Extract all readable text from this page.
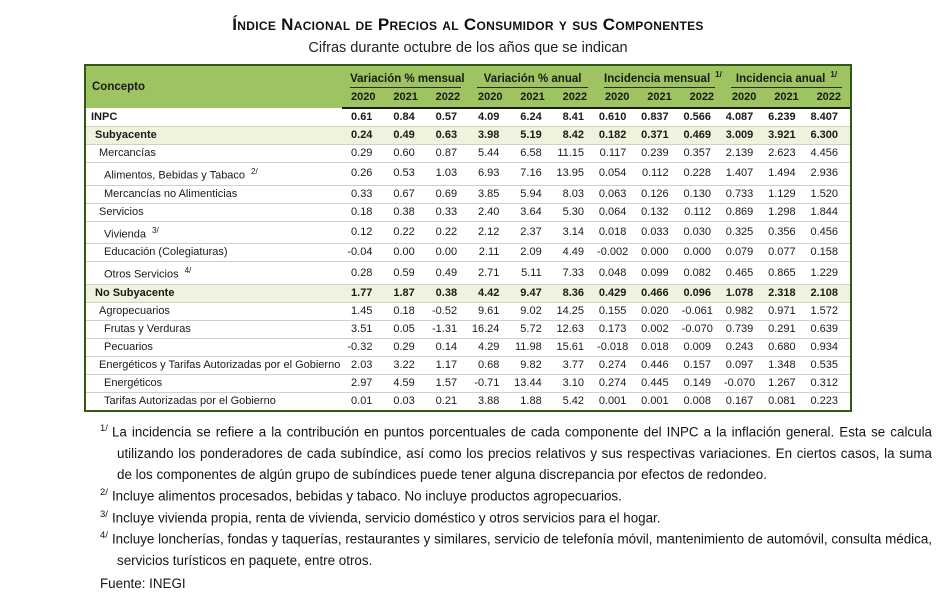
Índice Nacional de Precios al Consumidor y sus Componentes
Cifras durante octubre de los años que se indican
Concepto	Variación % mensual			Variación % anual			Incidencia mensual $^{1/}$			Incidencia anual $^{1/}$

	2020	2021	2022	2020	2021	2022	2020	2021	2022	2020	2021	2022
INPC	0.61	0.84	0.57	4.09	6.24	8.41	0.610	0.837	0.566	4.087	6.239	8.407
Subyacente	0.24	0.49	0.63	3.98	5.19	8.42	0.182	0.371	0.469	3.009	3.921	6.300
Mercancías	0.29	0.60	0.87	5.44	6.58	11.15	0.117	0.239	0.357	2.139	2.623	4.456
Alimentos, Bebidas y Tabaco $^{2/}$	0.26	0.53	1.03	6.93	7.16	13.95	0.054	0.112	0.228	1.407	1.494	2.936
Mercancías no Alimenticias	0.33	0.67	0.69	3.85	5.94	8.03	0.063	0.126	0.130	0.733	1.129	1.520
Servicios	0.18	0.38	0.33	2.40	3.64	5.30	0.064	0.132	0.112	0.869	1.298	1.844
Vivienda $^{3/}$	0.12	0.22	0.22	2.12	2.37	3.14	0.018	0.033	0.030	0.325	0.356	0.456
Educación (Colegiaturas)	-0.04	0.00	0.00	2.11	2.09	4.49	-0.002	0.000	0.000	0.079	0.077	0.158
Otros Servicios $^{4/}$	0.28	0.59	0.49	2.71	5.11	7.33	0.048	0.099	0.082	0.465	0.865	1.229
No Subyacente	1.77	1.87	0.38	4.42	9.47	8.36	0.429	0.466	0.096	1.078	2.318	2.108
Agropecuarios	1.45	0.18	-0.52	9.61	9.02	14.25	0.155	0.020	-0.061	0.982	0.971	1.572
Frutas y Verduras	3.51	0.05	-1.31	16.24	5.72	12.63	0.173	0.002	-0.070	0.739	0.291	0.639
Pecuarios	-0.32	0.29	0.14	4.29	11.98	15.61	-0.018	0.018	0.009	0.243	0.680	0.934
Energéticos y Tarifas Autorizadas por el Gobierno	2.03	3.22	1.17	0.68	9.82	3.77	0.274	0.446	0.157	0.097	1.348	0.535
Energéticos	2.97	4.59	1.57	-0.71	13.44	3.10	0.274	0.445	0.149	-0.070	1.267	0.312
Tarifas Autorizadas por el Gobierno	0.01	0.03	0.21	3.88	1.88	5.42	0.001	0.001	0.008	0.167	0.081	0.223
$^{1/}$ La incidencia se refiere a la contribución en puntos porcentuales de cada componente del INPC a la inflación general. Esta se calcula utilizando los ponderadores de cada subíndice, así como los precios relativos y sus respectivas variaciones. En ciertos casos, la suma de los componentes de algún grupo de subíndices puede tener alguna discrepancia por efectos de redondeo.
$^{2/}$ Incluye alimentos procesados, bebidas y tabaco. No incluye productos agropecuarios.
$^{3/}$ Incluye vivienda propia, renta de vivienda, servicio doméstico y otros servicios para el hogar.
$^{4/}$ Incluye loncherías, fondas y taquerías, restaurantes y similares, servicio de telefonía móvil, mantenimiento de automóvil, consulta médica, servicios turísticos en paquete, entre otros.
Fuente: INEGI
